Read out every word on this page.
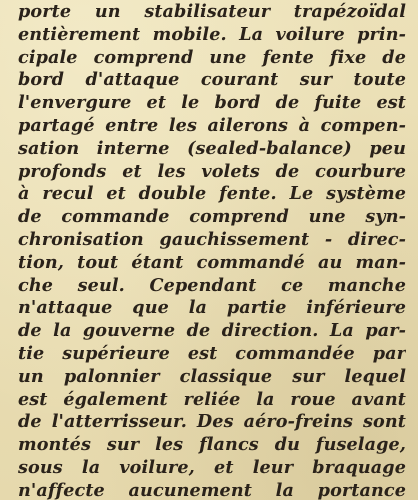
porte un stabilisateur trapézoïdal
entièrement mobile. La voilure prin-
cipale comprend une fente fixe de
bord d'attaque courant sur toute
l'envergure et le bord de fuite est
partagé entre les ailerons à compen-
sation interne (sealed-balance) peu
profonds et les volets de courbure
à recul et double fente. Le système
de commande comprend une syn-
chronisation gauchissement - direc-
tion, tout étant commandé au man-
che seul. Cependant ce manche
n'attaque que la partie inférieure
de la gouverne de direction. La par-
tie supérieure est commandée par
un palonnier classique sur lequel
est également reliée la roue avant
de l'atterrisseur. Des aéro-freins sont
montés sur les flancs du fuselage,
sous la voilure, et leur braquage
n'affecte aucunement la portance
